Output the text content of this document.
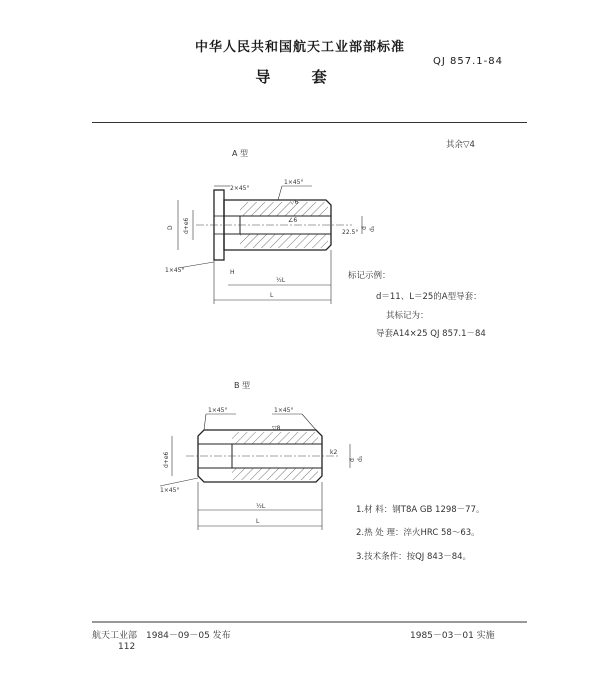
中华人民共和国航天工业部部标准
QJ 857.1-84
导 套
其余▽4
A 型
2×45°
1×45°
▽6
∠6
D d+e6	22.5°
d d₁
1×45°	H
½L
L
1×45°	1×45°
▽8
d+e6	k2
d d₁
1×45°
½L
L
标记示例：
d＝11、L＝25的A型导套：
其标记为：
导套A14×25 QJ 857.1－84
B 型
1.材 料：钢T8A GB 1298－77。
2.热 处 理：淬火HRC 58～63。
3.技术条件：按QJ 843－84。
航天工业部 1984－09－05 发布	1985－03－01 实施
112
